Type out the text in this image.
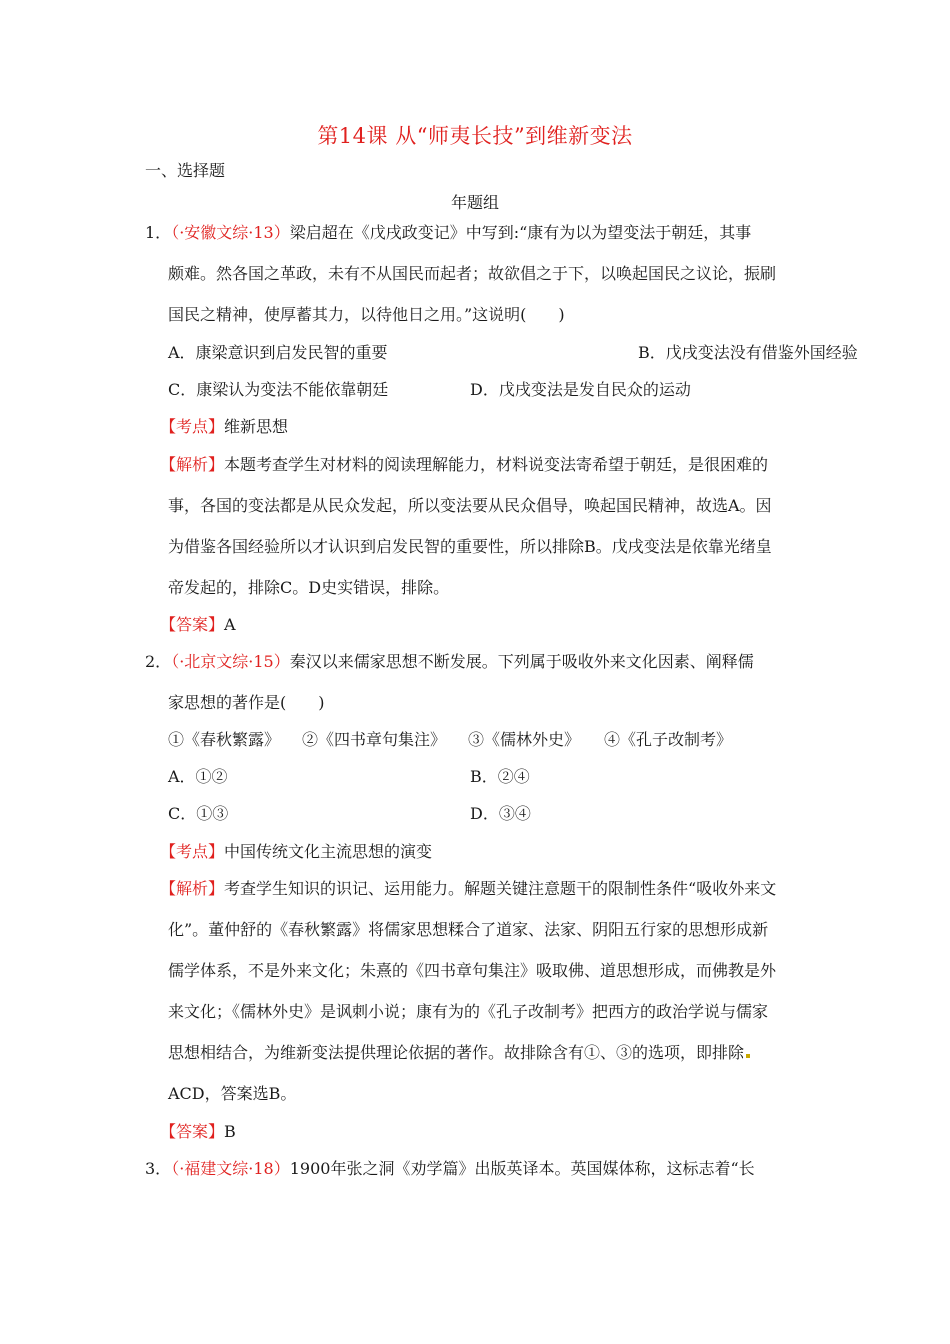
第14课 从“师夷长技”到维新变法
一、选择题
年题组
1．（·安徽文综·13）梁启超在《戊戌政变记》中写到:“康有为以为望变法于朝廷，其事
颇难。然各国之革政，未有不从国民而起者；故欲倡之于下，以唤起国民之议论，振刷
国民之精神，使厚蓄其力，以待他日之用。”这说明(　　)
A．康梁意识到启发民智的重要	B．戊戌变法没有借鉴外国经验
C．康梁认为变法不能依靠朝廷	D．戊戌变法是发自民众的运动
【考点】维新思想
【解析】本题考查学生对材料的阅读理解能力，材料说变法寄希望于朝廷，是很困难的
事，各国的变法都是从民众发起，所以变法要从民众倡导，唤起国民精神，故选A。因
为借鉴各国经验所以才认识到启发民智的重要性，所以排除B。戊戌变法是依靠光绪皇
帝发起的，排除C。D史实错误，排除。
【答案】A
2．（·北京文综·15）秦汉以来儒家思想不断发展。下列属于吸收外来文化因素、阐释儒
家思想的著作是(　　)
①《春秋繁露》 ②《四书章句集注》 ③《儒林外史》 ④《孔子改制考》
A．①②	B．②④
C．①③	D．③④
【考点】中国传统文化主流思想的演变
【解析】考查学生知识的识记、运用能力。解题关键注意题干的限制性条件“吸收外来文
化”。董仲舒的《春秋繁露》将儒家思想糅合了道家、法家、阴阳五行家的思想形成新
儒学体系，不是外来文化；朱熹的《四书章句集注》吸取佛、道思想形成，而佛教是外
来文化；《儒林外史》是讽刺小说；康有为的《孔子改制考》把西方的政治学说与儒家
思想相结合，为维新变法提供理论依据的著作。故排除含有①、③的选项，即排除
ACD，答案选B。
【答案】B
3．（·福建文综·18）1900年张之洞《劝学篇》出版英译本。英国媒体称，这标志着“长
